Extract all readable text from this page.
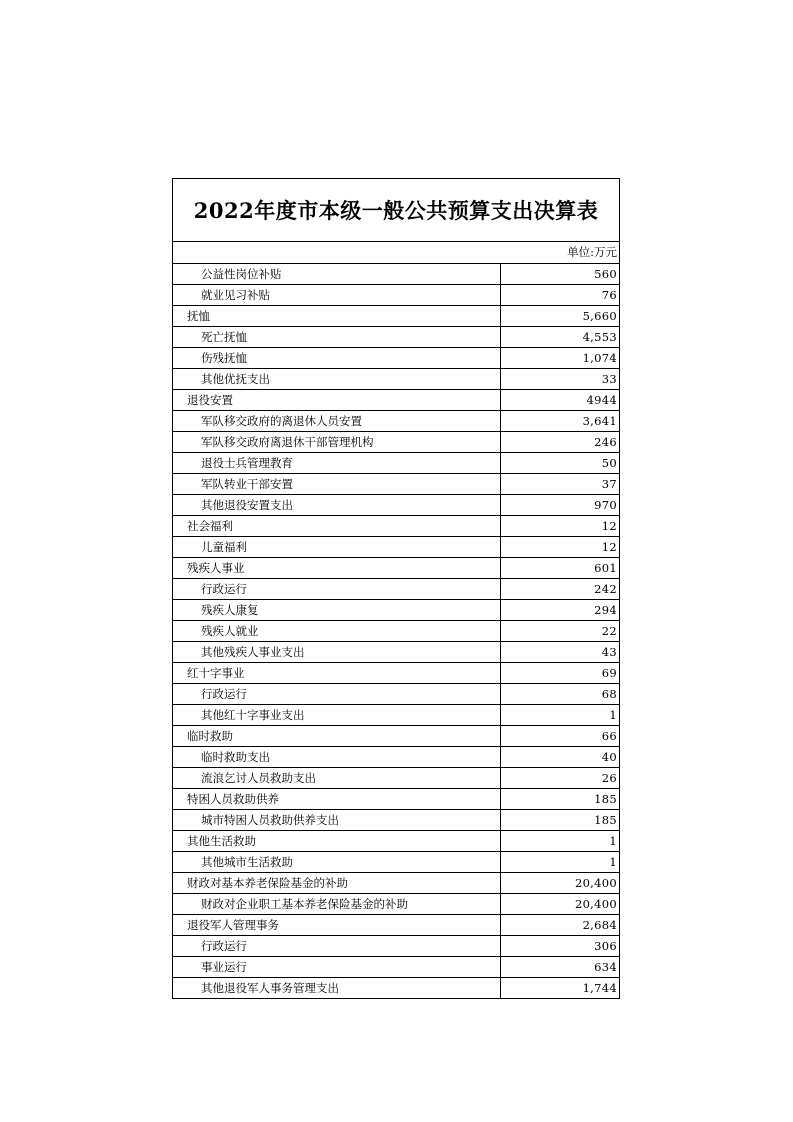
2022年度市本级一般公共预算支出决算表
单位:万元
公益性岗位补贴	560
就业见习补贴	76
抚恤	5,660
死亡抚恤	4,553
伤残抚恤	1,074
其他优抚支出	33
退役安置	4944
军队移交政府的离退休人员安置	3,641
军队移交政府离退休干部管理机构	246
退役士兵管理教育	50
军队转业干部安置	37
其他退役安置支出	970
社会福利	12
儿童福利	12
残疾人事业	601
行政运行	242
残疾人康复	294
残疾人就业	22
其他残疾人事业支出	43
红十字事业	69
行政运行	68
其他红十字事业支出	1
临时救助	66
临时救助支出	40
流浪乞讨人员救助支出	26
特困人员救助供养	185
城市特困人员救助供养支出	185
其他生活救助	1
其他城市生活救助	1
财政对基本养老保险基金的补助	20,400
财政对企业职工基本养老保险基金的补助	20,400
退役军人管理事务	2,684
行政运行	306
事业运行	634
其他退役军人事务管理支出	1,744
